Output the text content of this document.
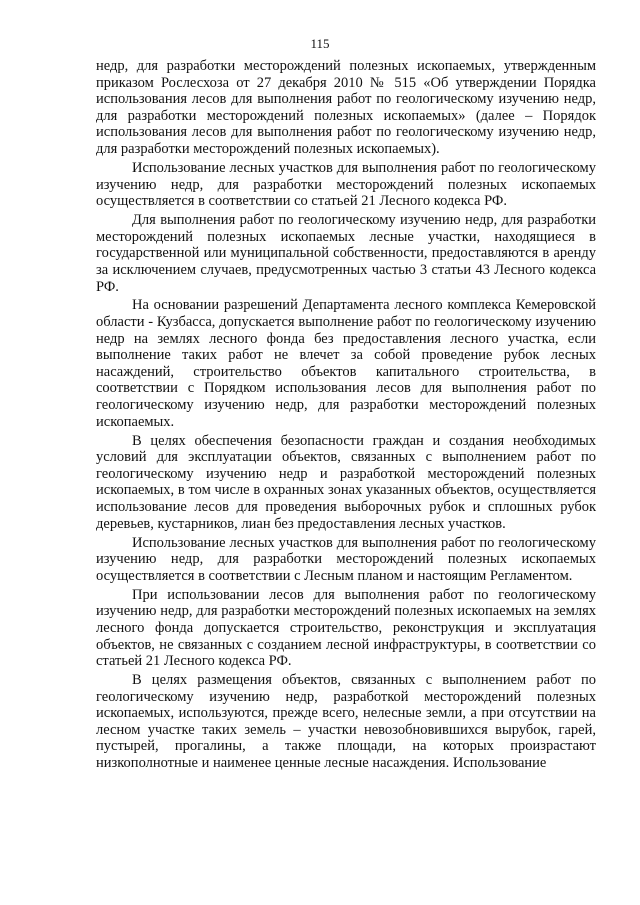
115

недр, для разработки месторождений полезных ископаемых, утвержденным приказом Рослесхоза от 27 декабря 2010 № 515 «Об утверждении Порядка использования лесов для выполнения работ по геологическому изучению недр, для разработки месторождений полезных ископаемых» (далее – Порядок использования лесов для выполнения работ по геологическому изучению недр, для разработки месторождений полезных ископаемых).

Использование лесных участков для выполнения работ по геологическому изучению недр, для разработки месторождений полезных ископаемых осуществляется в соответствии со статьей 21 Лесного кодекса РФ.

Для выполнения работ по геологическому изучению недр, для разработки месторождений полезных ископаемых лесные участки, находящиеся в государственной или муниципальной собственности, предоставляются в аренду за исключением случаев, предусмотренных частью 3 статьи 43 Лесного кодекса РФ.

На основании разрешений Департамента лесного комплекса Кемеровской области - Кузбасса, допускается выполнение работ по геологическому изучению недр на землях лесного фонда без предоставления лесного участка, если выполнение таких работ не влечет за собой проведение рубок лесных насаждений, строительство объектов капитального строительства, в соответствии с Порядком использования лесов для выполнения работ по геологическому изучению недр, для разработки месторождений полезных ископаемых.

В целях обеспечения безопасности граждан и создания необходимых условий для эксплуатации объектов, связанных с выполнением работ по геологическому изучению недр и разработкой месторождений полезных ископаемых, в том числе в охранных зонах указанных объектов, осуществляется использование лесов для проведения выборочных рубок и сплошных рубок деревьев, кустарников, лиан без предоставления лесных участков.

Использование лесных участков для выполнения работ по геологическому изучению недр, для разработки месторождений полезных ископаемых осуществляется в соответствии с Лесным планом и настоящим Регламентом.

При использовании лесов для выполнения работ по геологическому изучению недр, для разработки месторождений полезных ископаемых на землях лесного фонда допускается строительство, реконструкция и эксплуатация объектов, не связанных с созданием лесной инфраструктуры, в соответствии со статьей 21 Лесного кодекса РФ.

В целях размещения объектов, связанных с выполнением работ по геологическому изучению недр, разработкой месторождений полезных ископаемых, используются, прежде всего, нелесные земли, а при отсутствии на лесном участке таких земель – участки невозобновившихся вырубок, гарей, пустырей, прогалины, а также площади, на которых произрастают низкополнотные и наименее ценные лесные насаждения. Использование
